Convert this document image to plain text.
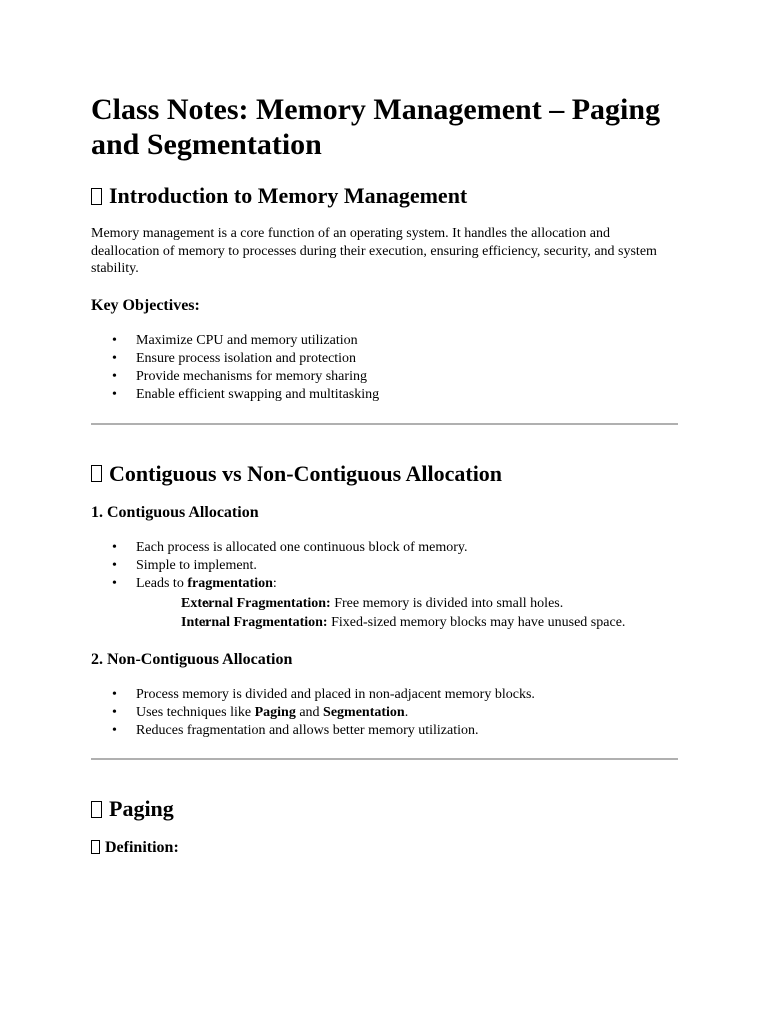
Class Notes: Memory Management – Paging and Segmentation
Introduction to Memory Management

Memory management is a core function of an operating system. It handles the allocation and deallocation of memory to processes during their execution, ensuring efficiency, security, and system stability.

Key Objectives:
• Maximize CPU and memory utilization
• Ensure process isolation and protection
• Provide mechanisms for memory sharing
• Enable efficient swapping and multitasking
Contiguous vs Non-Contiguous Allocation
1. Contiguous Allocation
• Each process is allocated one continuous block of memory.
• Simple to implement.
• Leads to fragmentation:
o External Fragmentation: Free memory is divided into small holes.
o Internal Fragmentation: Fixed-sized memory blocks may have unused space.
2. Non-Contiguous Allocation
• Process memory is divided and placed in non-adjacent memory blocks.
• Uses techniques like Paging and Segmentation.
• Reduces fragmentation and allows better memory utilization.
Paging
Definition:
